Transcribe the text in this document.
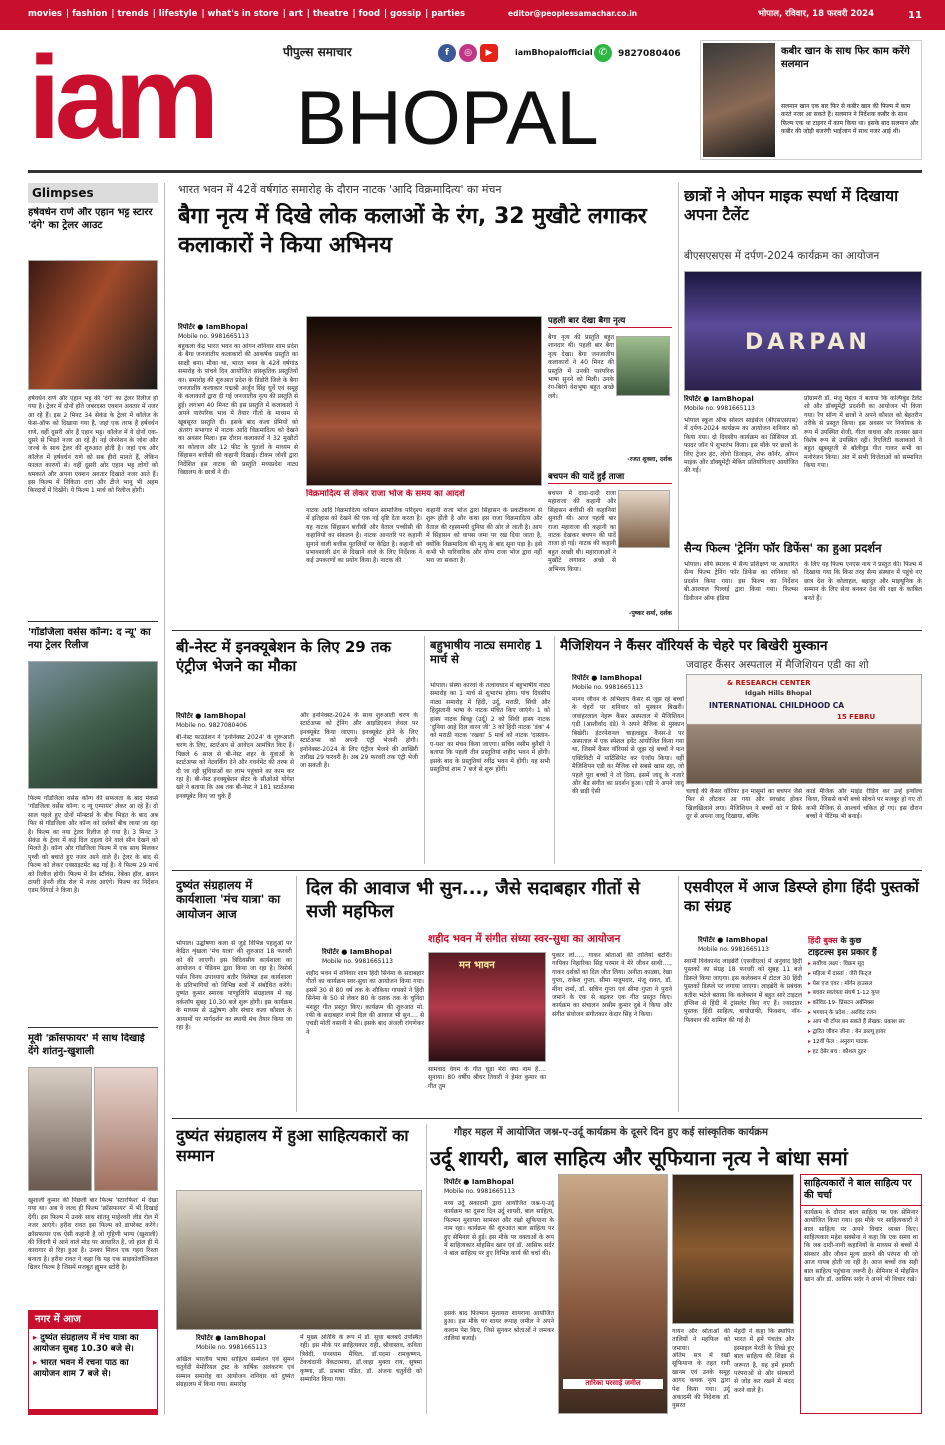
movies | fashion | trends | lifestyle | what's in store | art | theatre | food | gossip | parties	editor@peoplessamachar.co.in	भोपाल, रविवार, 18 फरवरी 2024	11
iam BHOPAL
पीपुल्स समाचार	f	◎	▶	iamBhopalofficial ✆	9827080406	कबीर खान के साथ फिर काम करेंगे सलमान
सलमान खान एक बार फिर से कबीर खान की फिल्म में काम करते नजर आ सकते हैं। सलमान ने निर्देशक कबीर के साथ फिल्म एक था टाइगर में काम किया था। इसके बाद सलमान और कबीर की जोड़ी बजरंगी भाईजान में साथ नजर आई थी।
Glimpses
हर्षवर्धन राणे और एहान भट्ट स्टारर 'दंगे' का ट्रेलर आउट
हर्षवर्धन राणे और एहान भट्ट की 'दंगे' का ट्रेलर रिलीज हो गया है। ट्रेलर में दोनों होते जबरदस्त एक्शन अवतार में नजर आ रहे हैं। इस 2 मिनट 34 सेकंड के ट्रेलर में कॉलेज के फेस-ऑफ को दिखाया गया है, जहां एक तरफ हैं हर्षवर्धन राणे, वहीं दूसरी ओर हैं एहान भट्ट। कॉलेज में ये दोनों एक-दूसरे से भिड़ते नजर आ रहे हैं। नई जेनरेशन के जोश और जज्बे के साथ ट्रेलर की शुरुआत होती है। जहां एक ओर कॉलेज में हर्षवर्धन राणे को सब हीरो मानते हैं, लेकिन फालत कारणों से। वहीं दूसरी ओर एहान भट्ट लोगों को धमकाते और अपना एक्शन अवतार दिखाते नजर आते हैं। इस फिल्म में निकिता दत्ता और टीजे भानू भी अहम किरदारों में दिखेंगे। ये फिल्म 1 मार्च को रिलीज होगी।
'गॉडजिला वर्सेस कॉन्ग: द न्यू' का नया ट्रेलर रिलीज
फिल्म गॉडजिला वर्सेस कॉन्ग की सफलता के बाद मेकर्स 'गॉडजिला वर्सेस कॉन्ग: द न्यू एम्पायर' लेकर आ रहे हैं। दो साल पहले हुए दोनों मॉन्स्टर्स के बीच भिड़ंत के बाद अब फिर से गॉडजिला और कॉन्ग को दर्शकों बीच लाया जा रहा है। फिल्म का नया ट्रेलर रिलीज हो गया है। 3 मिनट 3 सेकंड के ट्रेलर में कई दिल दहला देने वाले सीन देखने को मिलते हैं। कॉन्ग और गॉडजिला फिल्म में एक साथ मिलकर पृथ्वी को बचाते हुए नजर आने वाले हैं। ट्रेलर के बाद से फिल्म को लेकर एक्साइटमेंट बढ़ गई है। ये फिल्म 29 मार्च को रिलीज होगी। फिल्म में डैन स्टीवंस, रेबेका हॉल, ब्रायन टायरी हेनरी लीड रोल में नजर आएंगे। फिल्म का निर्देशन एडम विंगार्ड ने किया है।
मूवी 'क्रॉसफायर' में साथ दिखाई देंगे शांतनु-खुशाली
खुशाली कुमार की पिछली बार फिल्म 'स्टारफिश' में देखा गया था। अब वे जल्द ही फिल्म 'क्रॉसफायर' में भी दिखाई देंगी। इस फिल्म में उनके साथ शांतनु माहेश्वरी लीड रोल में नजर आएंगे। हरीश रावत इस फिल्म को डायरेक्ट करेंगे। क्रॉसफायर एक ऐसी कहानी है जो गृहिणी भाग्य (खुशाली) की जिंदगी में आने वाले मोड़ पर आधारित है, जो हाल ही में कारागार से रिहा हुआ है। उनका मिलन एक गहरा रिश्ता बनाता है। हरीश रावत ने कहा कि यह एक साइकोलॉजिकल थ्रिलर फिल्म है जिसमें मजबूत ह्यूमन स्टोरी है।
नगर में आज
▸ दुष्यंत संग्रहालय में मंच यात्रा का आयोजन सुबह 10.30 बजे से।
▸ भारत भवन में रचना पाठ का आयोजन शाम 7 बजे से।
भारत भवन में 42वें वर्षगांठ समारोह के दौरान नाटक 'आदि विक्रमादित्य' का मंचन
बैगा नृत्य में दिखे लोक कलाओं के रंग, 32 मुखौटे लगाकर कलाकारों ने किया अभिनय
रिपोर्टर ● IamBhopal
Mobile no. 9981665113
बहुकला केंद्र भारत भवन का आंगन शनिवार शाम प्रदेश के बैगा जनजातीय कलाकारों की आकर्षक प्रस्तुति का साक्षी बना। मौका था, भारत भवन के 42वें वर्षगांठ समारोह के पांचवे दिन आयोजित सांस्कृतिक प्रस्तुतियों का। समारोह की शुरुआत प्रदेश के डिंडोरी जिले के बैगा जनजातीय कलाकार पद्मश्री अर्जुन सिंह धुर्वे एवं समूह के कलाकारों द्वारा दी गई जनजातीय नृत्य की प्रस्तुति से हुई। लगभग 40 मिनट की इस प्रस्तुति में कलाकारों ने अपने पारंपरिक भाव में तैयार गीतों के माध्यम से खूबसूरत प्रस्तुति दी। इसके बाद कला प्रेमियों को अंतरंग सभागार में नाटक आदि विक्रमादित्य को देखने का अवसर मिला। इस दौरान कलाकारों ने 32 मुखौटों का कोलाज और 12 फीट के पुतलों के माध्यम से सिंहासन बत्तीसी की कहानी दिखाई। टीकम जोशी द्वारा निर्देशित इस नाटक की प्रस्तुति मध्यप्रदेश नाट्य विद्यालय के छात्रों ने दी।
विक्रमादित्य से लेकर राजा भोज के समय का आदर्श
नाटक आदि विक्रमादित्य वर्तमान सामाजिक परिदृश्य में इतिहास को देखने की एक नई दृष्टि देता करता है। यह नाटक सिंहासन बत्तीसी और वैताल पच्चीसी की कहानियों का संकलन है। नाटक आनतरि पर कहानी सुनाने वाली बत्तीस पुतलियों पर केंद्रित है। कहानी को प्रभावशाली ढंग से दिखाने वाले के लिए निर्देशक ने कई उपकरणों का प्रयोग किया है। नाटक की
कहानी राजा भोज द्वारा सिंहासन के प्रकटीकरण से शुरू होती है और कथा इस राजा विक्रमादित्य और वैताल की रहस्यमयी दुनिया की ओर ले जाती है। आप में सिंहासन को वापस जमा पर रख दिया जाता है, क्योंकि विक्रमादित्य की मृत्यु के बाद सूना पड़ा है। इसे कभी भी पारिवारिक और योग्य राजा भोज द्वारा नहीं भरा जा सकता है।
पहली बार देखा बैगा नृत्य
बैगा नृत्य की प्रस्तुति बहुत शानदार थी। पहली बार बैगा नृत्य देखा। बैगा जनजातीय कलाकारों ने 40 मिनट की प्रस्तुति में उनकी पारंपरिक भाषा सुनने को मिली। उनके रंग-बिरंगे वेशभूषा बहुत अच्छे लगे।
-रजत शुक्ला, दर्शक
बचपन की यादें हुईं ताजा
बचपन में दादा-दादी राजा महाराजा की कहानी और सिंहासन बत्तीसी की कहानियां सुनाती थी। आज पहली बार राजा महाराजा की कहानी का नाटक देखकर बचपन की यादें ताजा हो गई। नाटक की कहानी बहुत अच्छी थी। महाराजाओं ने मुखौटे लगाकर अच्छे से अभिनय किया।
-पुष्कर शर्मा, दर्शक
छात्रों ने ओपन माइक स्पर्धा में दिखाया अपना टैलेंट
बीएसएसएस में दर्पण-2024 कार्यक्रम का आयोजन
DARPAN
रिपोर्टर ● IamBhopal
Mobile no. 9981665113
भोपाल स्कूल ऑफ सोशल साइंसेज (बीएसएसएस) में दर्पण-2024 कार्यक्रम का आयोजन शनिवार को किया गया। दो दिवसीय कार्यक्रम का प्रिंसिपल डॉ. फादर जॉन पे शुभारंभ किया। इस मौके पर छात्रों के लिए ट्रेजर हंट, लोगो डिजाइन, शेफ कॉर्नर, ओपन माइक और डॉक्यूमेंट्री मेकिंग प्रतियोगिताएं आयोजित की गईं।
प्रोग्रामरी डॉ. मंजू मेहता ने बताया कि कल्पिबुड टैलेंट शो और डॉक्यूमेंट्री प्रदर्शनी का आयोजन भी किया गया। रैप सॉन्ग में छात्रों ने अपने कौशल को बेहतरीन तरीके से प्रस्तुत किया। इस अवसर पर निर्णायक के रूप में उपस्थित शेजी, गीता वाधवा और तानसर खान विशेष रूप से उपस्थित रहीं। रिएलिटी कलाकारों ने बहुत खूबसूरती से बॉलीवुड गीत गाकर सभी का मनोरंजन किया। अंत में सभी विजेताओं को सम्मानित किया गया।
सैन्य फिल्म 'ट्रेनिंग फॉर डिफेंस' का हुआ प्रदर्शन
भोपाल। शौर्य स्मारक में सैन्य प्रशिक्षण पर आधारित सैन्य फिल्म ट्रेनिंग फॉर डिफेंस का शनिवार को प्रदर्शन किया गया। इस फिल्म का निर्देशन बी.आरपाल पिल्लई द्वारा किया गया। फिल्म्स डिवीजन ऑफ इंडिया
के लिए यह फिल्म एनएस नाथ ने प्रस्तुत की। फिल्म में दिखाया गया कि किस तरह सैन्य संस्थान में पहुंचे नए छात्र देश के कोलाहल, बहादुर और माइथूनिक के सम्मान के लिए सेना बनकर देश की रक्षा के काबिल बनते हैं।
बी-नेस्ट में इनक्यूबेशन के लिए 29 तक एंट्रीज भेजने का मौका
रिपोर्टर ● IamBhopal
Mobile no. 9827080406
बी-नेस्ट फाउंडेशन ने 'इनोनेक्स्ट 2024' के शुरूआती चरण के लिए, स्टार्टअप से आवेदन आमंत्रित किए हैं। पिछले 6 साल से बी-नेस्ट शहर के युवाओं के स्टार्टअप्स को नेटवर्किंग देने और गवर्नमेंट की तरफ से दी जा रही सुविधाओं का लाभ पहुंचाने का काम कर रहा है। बी-नेस्ट इनक्यूबेशन सेंटर के सीओओ योगेश खरे ने बताया कि अब तक बी-नेस्ट ने 181 स्टार्टअप्स इनक्यूबेट किए जा चुके हैं
और इनोनेक्स्ट-2024 के साथ शुरुआती चरण के स्टार्टअप्स को ट्रेनिंग और आइडिएशन लेवल पर इनक्यूबेट किया जाएगा। इनक्यूबेट होने के लिए स्टार्टअप्स को अपनी एंट्री भेजनी होगी। इनोनेक्स्ट-2024 के लिए एंट्रीज भेजने की आखिरी तारीख 29 फरवरी है। अब 29 फरवरी तक एंट्री भेजी जा सकती है।
बहुभाषीय नाट्य समारोह 1 मार्च से
भोपाल। संस्था कारवां के तत्वावधान में बहुभाषीय नाट्य समारोह का 1 मार्च से शुभारंभ होगा। पांच दिवसीय नाट्य समारोह में हिंदी, उर्दू, मराठी, सिंधी और हिंदुस्तानी भाषा के नाटक मंचित किए जाएंगे। 1 को हास्य नाटक बिच्छू (उर्दू) 2 को सिंधी हास्य नाटक 'दुनिया आहे दिल वारन जी' 3 को हिंदी नाटक 'डंक' 4 को मराठी नाटक 'रखवा' 5 मार्च को नाटक 'दास्तान-ए-यश' का मंचन किया जाएगा। सचिव नसीम कुरैशी ने बताया कि पहली तीन प्रस्तुतियां शहीद भवन में होंगी। इसके बाद के प्रस्तुतियां रवींद्र भवन में होंगी। यह सभी प्रस्तुतियां शाम 7 बजे से शुरू होंगी।
मैजिशियन ने कैंसर वॉरियर्स के चेहरे पर बिखेरी मुस्कान
जवाहर कैंसर अस्पताल में मैजिशियन एडी का शो
रिपोर्टर ● IamBhopal
Mobile no. 9981665113
मानव जीवन के अभिशाप कैंसर से जूझ रहे बच्चों के चेहरों पर शनिवार को मुस्कान बिखरी। जवाहरलाल नेहरू कैंसर अस्पताल में मैजिशियन एडी (आशीर्वाद दंडे) ने अपने मैजिक से मुस्कान बिखेरी। इंटरनेशनल चाइल्डहुड कैंसर-डे पर अस्पताल में एक स्पेशल इवेंट आयोजित किया गया था, जिसमें कैंसर वॉरियर्स से जूझ रहे बच्चों ने फन एक्टिविटी में पार्टिसिपेट कर एंजॉय किया। वहीं मैजिशियन एडी का मैजिक शो सबसे खास रहा, जो पहले पूरा बच्चों ने तो दिया, इसमें जादू के नजारे और बैंड संगीत का प्रदर्शन हुआ। एडी ने अपने जादू की छड़ी ऐसी
& RESEARCH CENTER
Idgah Hills Bhopal
INTERNATIONAL CHILDHOOD CA
15 FEBRU
चलाई की कैंसर वॉरियर इन मासूमों का बचपन जैसे फिर से लौटकर आ गया और स्वच्छंद होकर खिलखिलाने लगा। मैजिशियन ने बच्चों को न सिर्फ दूर से अपना जादू दिखाया, बल्कि
कार्ड मैजिक और माइंड रीडिंग कर उन्हें इन्वॉल्व किया, जिससे कभी बच्चे सोचने पर मजबूर हो गए तो कभी मैजिक से आश्चर्य चकित हो गए। इस दौरान बच्चों ने पेंटिंग्स भी बनाई।
दुष्यंत संग्रहालय में कार्यशाला 'मंच यात्रा' का आयोजन आज
भोपाल। उद्घोषणा कला से जुड़े विभिन्न पहलुओं पर केंद्रित शृंखला 'मंच यात्रा' की शुरुआत 18 फरवरी को की जाएगी। इस त्रिदिवसीय कार्यशाला का आयोजन द पेडियम द्वारा किया जा रहा है। रिसोर्स पर्सन विनय उपाध्याय बतौर विशेषज्ञ इस कार्यशाला के प्रतिभागियों को विभिन्न सत्रों में संबोधित करेंगे। दुष्यंत कुमार स्मारक पाण्डुलिपि संग्रहालय में यह वर्कशॉप सुबह 10.30 बजे शुरू होगी। इस कार्यक्रम के माध्यम से उद्घोषण और संचार कला कौशल के आयामों पर मार्गदर्शन का स्थायी मंच तैयार किया जा रहा है।
दिल की आवाज भी सुन..., जैसे सदाबहार गीतों से सजी महफिल
शहीद भवन में संगीत संध्या स्वर-सुधा का आयोजन
रिपोर्टर ● IamBhopal
Mobile no. 9981665113
शहीद भवन में शनिवार शाम हिंदी सिनेमा के सदाबहार गीतों का कार्यक्रम स्वर-सुधा का आयोजन किया गया। इसमें 30 से 80 वर्ष तक के शौकिया गायकों ने हिंदी सिनेमा के 50 से लेकर 80 के दशक तक के चुनिंदा मशहूर गीत प्रस्तुत किए। कार्यक्रम की शुरुआत मो. रफी के सदाबहार नगमे दिल की आवाज भी सुन.... से एचडी मोती वसानी ने की। इसके बाद अंजली रांगणेकर ने
मन भावन
सामवाद वेगम के गीत चूड़ा मेरा क्या नाम है.... सुनाया। 80 वर्षीय श्रीधर तिवारी ने हेमंत कुमार का गीत तुम
पुकार लो...., गाकर श्रोताओं की तालियां बटोरीं। गायिका निहारिका सिंह परमार ने मेरे जीवन साथी...., गाकर दर्शकों का दिल जीत लिया। अनीता काळ्या, रेखा गुप्ता, राकेश गुप्ता, सीमा मजूमदार, मंजू रावत, डॉ. मीना शर्मा, डॉ. सचिन गुप्ता एवं सीमा गुप्ता ने पुराने जमाने के एक से बढ़कर एक गीत प्रस्तुत किए। कार्यक्रम का संचालन असीम कुमार दुबे ने किया और संगीत संयोजन संगीतकार केदार सिंह ने किया।
एसवीएल में आज डिस्प्ले होगा हिंदी पुस्तकों का संग्रह
रिपोर्टर ● IamBhopal
Mobile no. 9981665113
स्वामी विवेकानंद लाइब्रेरी (एसवीएल) में अनुवाद हिंदी पुस्तकों का संग्रह 18 फरवरी को सुबह 11 बजे डिस्प्ले किया जाएगा। इस कलेक्शन में टोटल 30 हिंदी पुस्तकों डिस्प्ले पर लगाया जाएगा। लाइब्रेरी के प्रबंधक यतीश भटेले बताया कि कलेक्शन में बहुत सारे टाइटल इंग्लिश से हिंदी में ट्रांसलेट किए गए हैं। ज्यादातर पुस्तक हिंदी साहित्य, बायोग्राफी, फिक्शन, नॉन-फिक्शन की शामिल की गई हैं।
हिंदी बुक्स के कुछ
टाइटल्स इस प्रकार हैं
▸ सर्वोच्च लक्ष्य : विक्रम सूद
▸ महिला में दास्तां : जेरी फिट्ज
▸ येस एज एवर : मॉर्गन हाउसल
▸ बचवर स्वतंत्रता संघर्ष 1-12 युग्ल
▸ कोविड-19- प्रिंसटन अर्बनिक्स
▸ भगवान् के प्रदेश : अरविंद रंजन
▸ आप भी टॉपर बन सकते हैं लेखक: प्रकाश सर
▸ द्वारित जीवन जीना : बेन डब्ल्यू हायर
▸ 12वीं फेल : अनुराग पाठक
▸ हट देबेर बच : कौशल दुहर
दुष्यंत संग्रहालय में हुआ साहित्यकारों का सम्मान
रिपोर्टर ● IamBhopal
Mobile no. 9981665113
अखिल भारतीय भाषा साहित्य सम्मेलन एवं सुमन चतुर्वेदी मेमोरियल ट्रस्ट के वार्षिक अलंकरण एवं सम्मान समारोह का आयोजन शनिवार को दुष्यंत संग्रहालय में किया गया। समारोह
में मुख्य अतिथि के रूप में डॉ. सुधा बलबर्दे उपस्थित रहीं। इस मौके पर साहित्यकार राही, श्रीवास्तव, कविता त्रिवेदी, घनश्याम मैथिल, डॉ.पदमा रामकृष्णन, टेकचंदानी वेंकटरमणा, डॉ.जाहा मुक्ता राय, सुषमा कृष्णा, डॉ. प्रभाषा पंडित, डॉ. अंजना चतुर्वेदी को सम्मानित किया गया।
गौहर महल में आयोजित जश्न-ए-उर्दू कार्यक्रम के दूसरे दिन हुए कई सांस्कृतिक कार्यक्रम
उर्दू शायरी, बाल साहित्य और सूफियाना नृत्य ने बांधा समां
रिपोर्टर ● IamBhopal
Mobile no. 9981665113
मध्य उर्दू अकादमी द्वारा आयोजित जश्न-ए-उर्दू कार्यक्रम का दूसरा दिन उर्दू शायरी, बाल साहित्य, फिल्मन मुशायरा सामरश और रखो सूफियाना के नाम रहा। कार्यक्रम की शुरुआत बाल साहित्य पर हुए सेमिनार से हुई। इस मौके पर वक्ताओं के रूप में साहित्यकार मोहसिन खान एवं डॉ. आसिफ सर्दर ने बाल साहित्य पर हुए विभिन्न कार्य की चर्चा की।
इसके बाद फिल्मान मुशायरा शायराना आयोजित हुआ। इस मौके पर शायर रूपाह जमील ने अपने कलाम पेश किए, जिसे सुनकर श्रोताओं ने जमकर तालियां बजाईं।
तारिका परसाई जमील
गायन और श्रोताओं की तालियों ने महफिल को जमाया।
अंतिम सत्र में रखो सूफियाना के तहत रानी खानम एवं उनके समूह आगद कथक नृत्य द्वारा पेश किया गया। उर्दू अकादमी की निदेशक डॉ. नुसरत
मेहदी ने कहा कि स्थापित भारत में हमें पंचतंत्र और इस्माइल मेरठी के लिखे हुए बाल साहित्य की शिक्षा से जरूरत है, यह हमें हमारी परंपराओं से और संस्कारों से जोड़ कर रखने में मदद करने वाले है।
साहित्यकारों ने बाल साहित्य पर की चर्चा
कार्यक्रम के दौरान बाल साहित्य पर एक सेमिनार आयोजित किया गया। इस मौके पर साहित्यकारों ने बाल साहित्य पर अपने विचार व्यक्त किए। साहित्यकार महेश सक्सेना ने कहा कि एक समय था कि जब दादी-नानी कहानियों के माध्यम से बच्चों में संस्कार और जीवन मूल्य डालने की परंपरा थी जो आज गायब होती जा रही है। आज बच्चों तक सही बाल साहित्य पहुंचाना जरूरी है। सेमिनार में मोहसिन खान और डॉ. आसिफ सर्दर ने अपने भी विचार रखे।
